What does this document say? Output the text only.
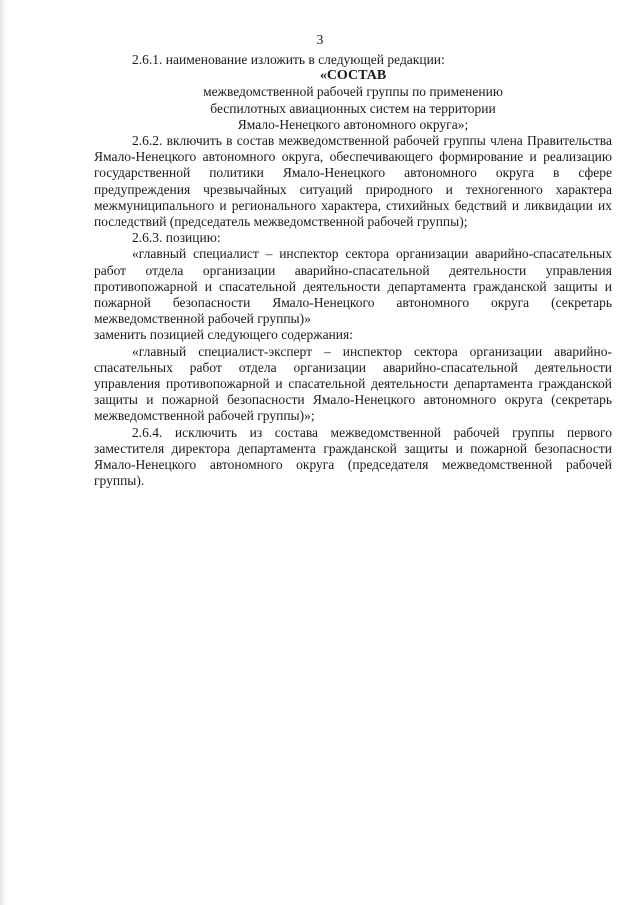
3

2.6.1. наименование изложить в следующей редакции:

«СОСТАВ

межведомственной рабочей группы по применению

беспилотных авиационных систем на территории

Ямало-Ненецкого автономного округа»;

2.6.2. включить в состав межведомственной рабочей группы члена Правительства Ямало-Ненецкого автономного округа, обеспечивающего формирование и реализацию государственной политики Ямало-Ненецкого автономного округа в сфере предупреждения чрезвычайных ситуаций природного и техногенного характера межмуниципального и регионального характера, стихийных бедствий и ликвидации их последствий (председатель межведомственной рабочей группы);

2.6.3. позицию:

«главный специалист – инспектор сектора организации аварийно-спасательных работ отдела организации аварийно-спасательной деятельности управления противопожарной и спасательной деятельности департамента гражданской защиты и пожарной безопасности Ямало-Ненецкого автономного округа (секретарь межведомственной рабочей группы)»

заменить позицией следующего содержания:

«главный специалист-эксперт – инспектор сектора организации аварийно-спасательных работ отдела организации аварийно-спасательной деятельности управления противопожарной и спасательной деятельности департамента гражданской защиты и пожарной безопасности Ямало-Ненецкого автономного округа (секретарь межведомственной рабочей группы)»;

2.6.4. исключить из состава межведомственной рабочей группы первого заместителя директора департамента гражданской защиты и пожарной безопасности Ямало-Ненецкого автономного округа (председателя межведомственной рабочей группы).
